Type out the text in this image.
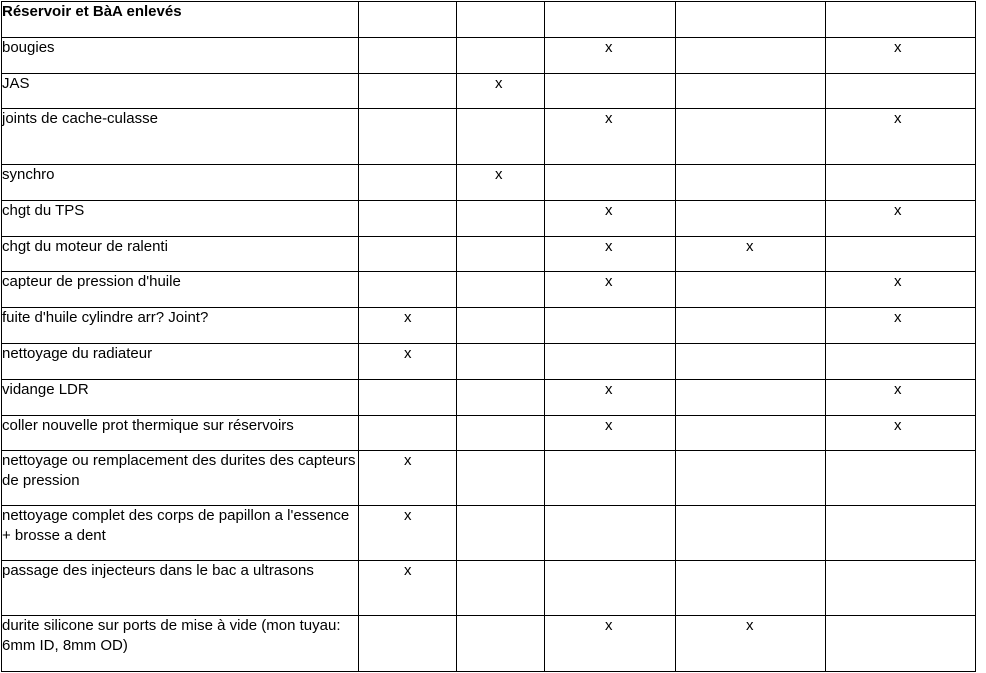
Réservoir et BàA enlevés					
bougies			x		x

JAS		x			

joints de cache-culasse			x		x

synchro		x			

chgt du TPS			x		x

chgt du moteur de ralenti			x	x	

capteur de pression d'huile			x		x

fuite d'huile cylindre arr? Joint?	x				x

nettoyage du radiateur	x				

vidange LDR			x		x

coller nouvelle prot thermique sur réservoirs			x		x

nettoyage ou remplacement des durites des capteurs de pression	x				

nettoyage complet des corps de papillon a l'essence + brosse a dent	x				

passage des injecteurs dans le bac a ultrasons	x				

durite silicone sur ports de mise à vide (mon tuyau: 6mm ID, 8mm OD)			x	x	
